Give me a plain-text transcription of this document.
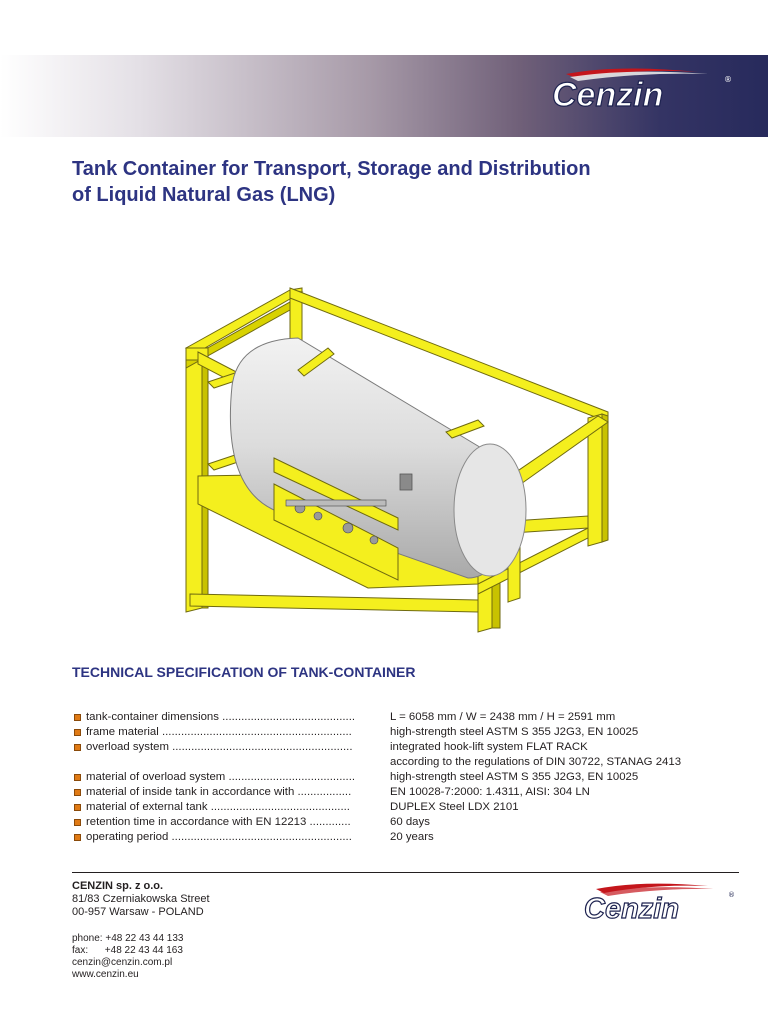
Cenzin	®
Tank Container for Transport, Storage and Distribution
of Liquid Natural Gas (LNG)
TECHNICAL SPECIFICATION OF TANK-CONTAINER
tank-container dimensions ..........................................	L = 6058 mm / W = 2438 mm / H = 2591 mm
frame material ............................................................	high-strength steel ASTM S 355 J2G3, EN 10025
overload system .........................................................	integrated hook-lift system FLAT RACK
according to the regulations of DIN 30722, STANAG 2413
material of overload system ........................................	high-strength steel ASTM S 355 J2G3, EN 10025
material of inside tank in accordance with .................	EN 10028-7:2000: 1.4311, AISI: 304 LN
material of external tank ............................................	DUPLEX Steel LDX 2101
retention time in accordance with EN 12213 .............	60 days
operating period .........................................................	20 years
CENZIN sp. z o.o.
81/83 Czerniakowska Street
00-957 Warsaw - POLAND
phone: +48 22 43 44 133
fax:      +48 22 43 44 163
cenzin@cenzin.com.pl
www.cenzin.eu
Cenzin	®
